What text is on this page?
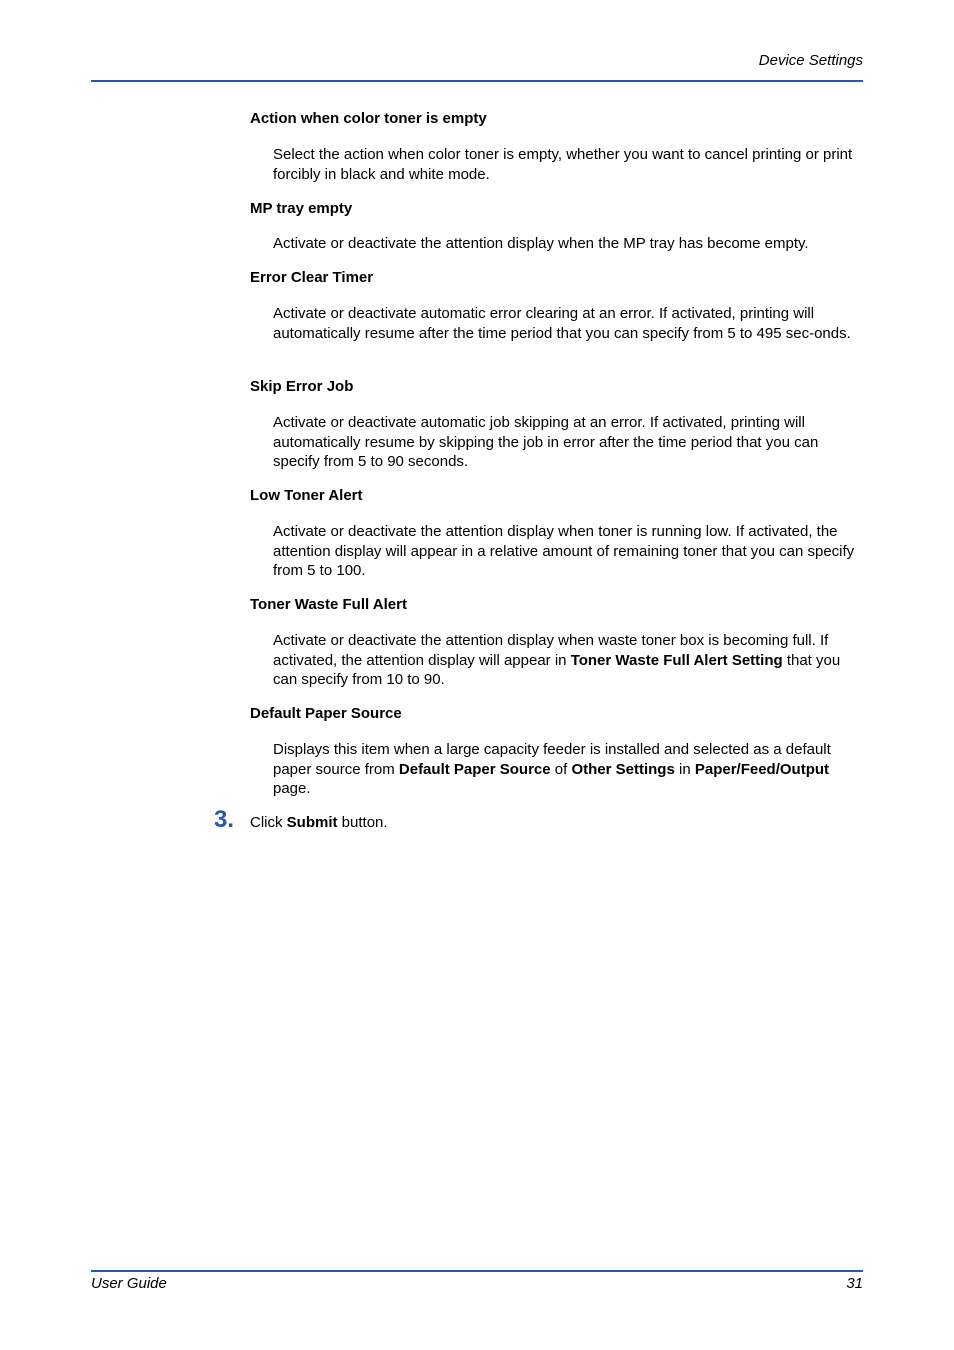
Device Settings
Action when color toner is empty
Select the action when color toner is empty, whether you want to cancel printing or print forcibly in black and white mode.
MP tray empty
Activate or deactivate the attention display when the MP tray has become empty.
Error Clear Timer
Activate or deactivate automatic error clearing at an error. If activated, printing will automatically resume after the time period that you can specify from 5 to 495 sec-onds.
Skip Error Job
Activate or deactivate automatic job skipping at an error. If activated, printing will automatically resume by skipping the job in error after the time period that you can specify from 5 to 90 seconds.
Low Toner Alert
Activate or deactivate the attention display when toner is running low. If activated, the attention display will appear in a relative amount of remaining toner that you can specify from 5 to 100.
Toner Waste Full Alert
Activate or deactivate the attention display when waste toner box is becoming full. If activated, the attention display will appear in Toner Waste Full Alert Setting that you can specify from 10 to 90.
Default Paper Source
Displays this item when a large capacity feeder is installed and selected as a default paper source from Default Paper Source of Other Settings in Paper/Feed/Output page.
3. Click Submit button.
User Guide	31
